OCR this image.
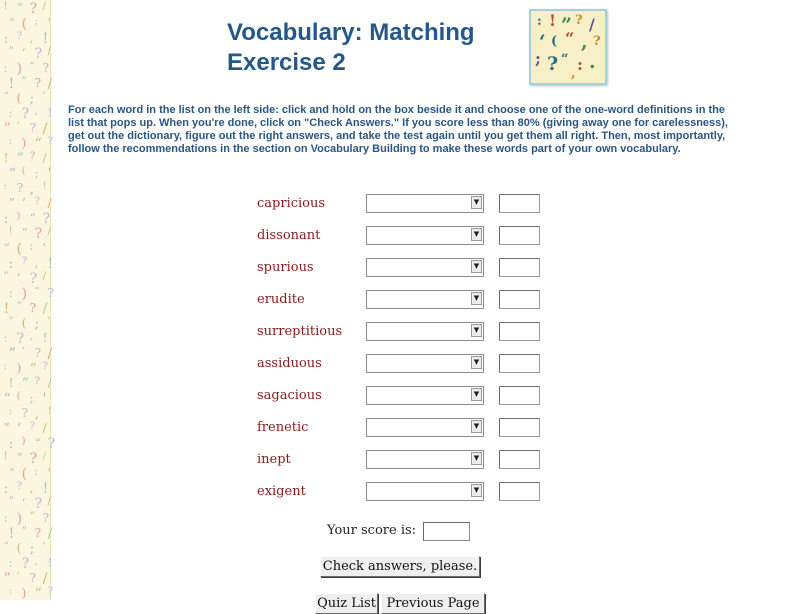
! ” ? /
“ ( ; '
: ? , !
” ‘ ? /
: ) “ ?
! ” ? /
“ ( ; '
: ? , !
” ‘ ? /
: ) “ ?
! ” ? /
“ ( ; '
: ? , !
” ‘ ? /
: ) “ ?
! ” ? /
“ ( ; '
: ? , !
” ‘ ? /
: ) “ ?
! ” ? /
“ ( ; '
: ? , !
” ‘ ? /
: ) “ ?
! ” ? /
“ ( ; '
: ? , !
” ‘ ? /
: ) “ ?
! ” ? /
“ ( ; '
: ? , !
” ‘ ? /
: ) “ ?
! ” ? /
“ ( ; '
: ? , !
” ‘ ? /
: ) “ ?
Vocabulary: Matching Exercise 2
: ! ” ? /
‘ ( “ , ?
; ? “ : .
,

For each word in the list on the left side: click and hold on the box beside it and choose one of the one-word definitions in the list that pops up. When you're done, click on "Check Answers." If you score less than 80% (giving away one for carelessness), get out the dictionary, figure out the right answers, and take the test again until you get them all right. Then, most importantly, follow the recommendations in the section on Vocabulary Building to make these words part of your own vocabulary.

capricious	▼
dissonant	▼
spurious	▼
erudite	▼
surreptitious	▼
assiduous	▼
sagacious	▼
frenetic	▼
inept	▼
exigent	▼
Your score is:
Check answers, please.
Quiz List Previous Page
